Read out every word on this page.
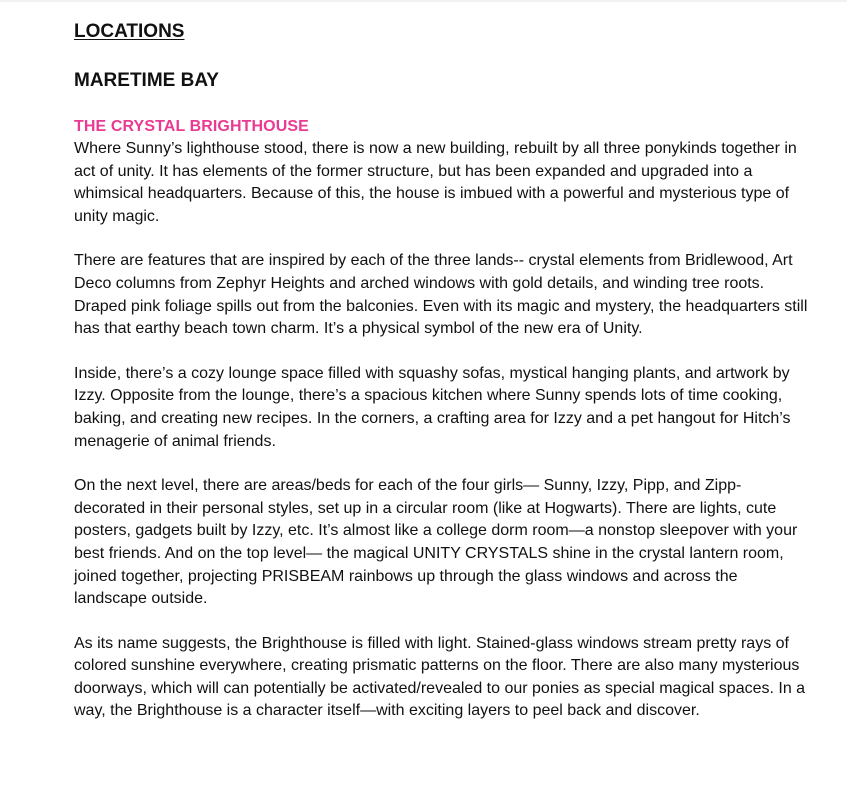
LOCATIONS
MARETIME BAY
THE CRYSTAL BRIGHTHOUSE

Where Sunny’s lighthouse stood, there is now a new building, rebuilt by all three ponykinds together in act of unity. It has elements of the former structure, but has been expanded and upgraded into a whimsical headquarters. Because of this, the house is imbued with a powerful and mysterious type of unity magic.

There are features that are inspired by each of the three lands-- crystal elements from Bridlewood, Art Deco columns from Zephyr Heights and arched windows with gold details, and winding tree roots. Draped pink foliage spills out from the balconies. Even with its magic and mystery, the headquarters still has that earthy beach town charm. It’s a physical symbol of the new era of Unity.

Inside, there’s a cozy lounge space filled with squashy sofas, mystical hanging plants, and artwork by Izzy. Opposite from the lounge, there’s a spacious kitchen where Sunny spends lots of time cooking, baking, and creating new recipes. In the corners, a crafting area for Izzy and a pet hangout for Hitch’s menagerie of animal friends.

On the next level, there are areas/beds for each of the four girls— Sunny, Izzy, Pipp, and Zipp- decorated in their personal styles, set up in a circular room (like at Hogwarts). There are lights, cute posters, gadgets built by Izzy, etc. It’s almost like a college dorm room—a nonstop sleepover with your best friends. And on the top level— the magical UNITY CRYSTALS shine in the crystal lantern room, joined together, projecting PRISBEAM rainbows up through the glass windows and across the landscape outside.

As its name suggests, the Brighthouse is filled with light. Stained-glass windows stream pretty rays of colored sunshine everywhere, creating prismatic patterns on the floor. There are also many mysterious doorways, which will can potentially be activated/revealed to our ponies as special magical spaces. In a way, the Brighthouse is a character itself—with exciting layers to peel back and discover.
